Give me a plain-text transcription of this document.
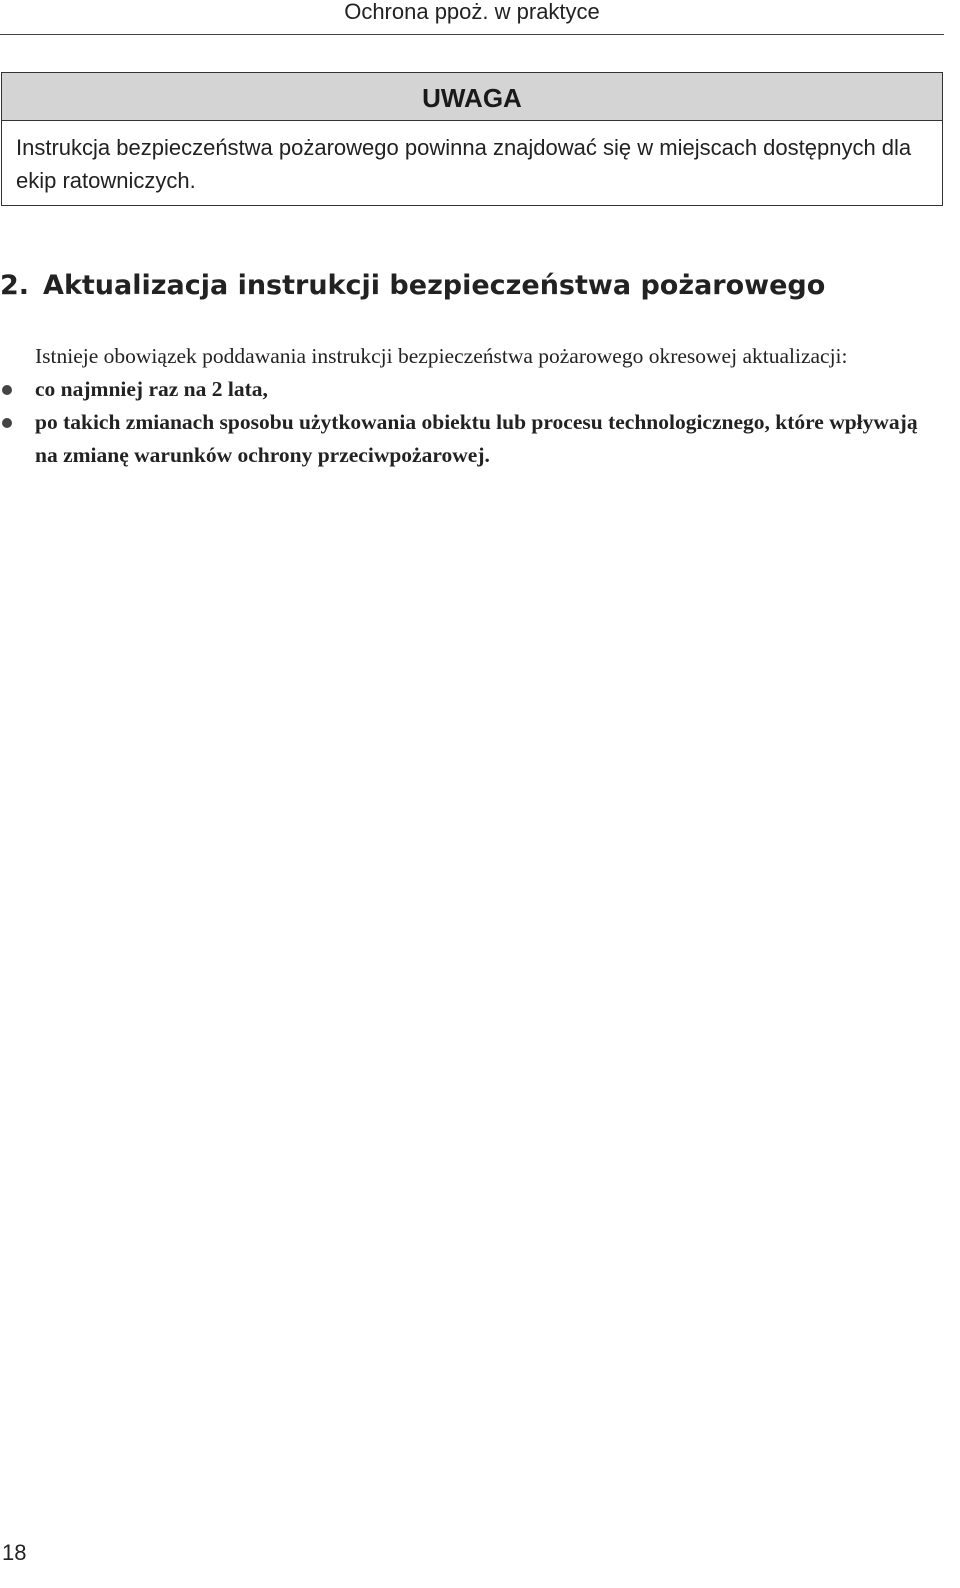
Ochrona ppoż. w praktyce
UWAGA
Instrukcja bezpieczeństwa pożarowego powinna znajdować się w miejscach dostępnych dla ekip ratowniczych.
2. Aktualizacja instrukcji bezpieczeństwa pożarowego

Istnieje obowiązek poddawania instrukcji bezpieczeństwa pożarowego okresowej aktualizacji:

co najmniej raz na 2 lata,
po takich zmianach sposobu użytkowania obiektu lub procesu technologicznego, które wpływają na zmianę warunków ochrony przeciwpożarowej.
18
